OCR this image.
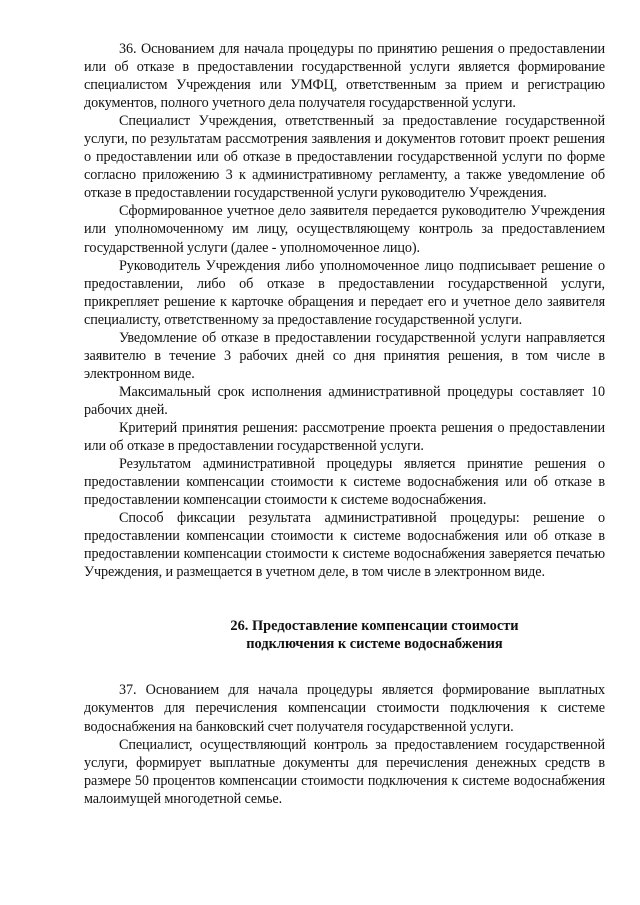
36. Основанием для начала процедуры по принятию решения о предоставлении или об отказе в предоставлении государственной услуги является формирование специалистом Учреждения или УМФЦ, ответственным за прием и регистрацию документов, полного учетного дела получателя государственной услуги.

Специалист Учреждения, ответственный за предоставление государственной услуги, по результатам рассмотрения заявления и документов готовит проект решения о предоставлении или об отказе в предоставлении государственной услуги по форме согласно приложению 3 к административному регламенту, а также уведомление об отказе в предоставлении государственной услуги руководителю Учреждения.

Сформированное учетное дело заявителя передается руководителю Учреждения или уполномоченному им лицу, осуществляющему контроль за предоставлением государственной услуги (далее - уполномоченное лицо).

Руководитель Учреждения либо уполномоченное лицо подписывает решение о предоставлении, либо об отказе в предоставлении государственной услуги, прикрепляет решение к карточке обращения и передает его и учетное дело заявителя специалисту, ответственному за предоставление государственной услуги.

Уведомление об отказе в предоставлении государственной услуги направляется заявителю в течение 3 рабочих дней со дня принятия решения, в том числе в электронном виде.

Максимальный срок исполнения административной процедуры составляет 10 рабочих дней.

Критерий принятия решения: рассмотрение проекта решения о предоставлении или об отказе в предоставлении государственной услуги.

Результатом административной процедуры является принятие решения о предоставлении компенсации стоимости к системе водоснабжения или об отказе в предоставлении компенсации стоимости к системе водоснабжения.

Способ фиксации результата административной процедуры: решение о предоставлении компенсации стоимости к системе водоснабжения или об отказе в предоставлении компенсации стоимости к системе водоснабжения заверяется печатью Учреждения, и размещается в учетном деле, в том числе в электронном виде.

26. Предоставление компенсации стоимости
подключения к системе водоснабжения

37. Основанием для начала процедуры является формирование выплатных документов для перечисления компенсации стоимости подключения к системе водоснабжения на банковский счет получателя государственной услуги.

Специалист, осуществляющий контроль за предоставлением государственной услуги, формирует выплатные документы для перечисления денежных средств в размере 50 процентов компенсации стоимости подключения к системе водоснабжения малоимущей многодетной семье.
